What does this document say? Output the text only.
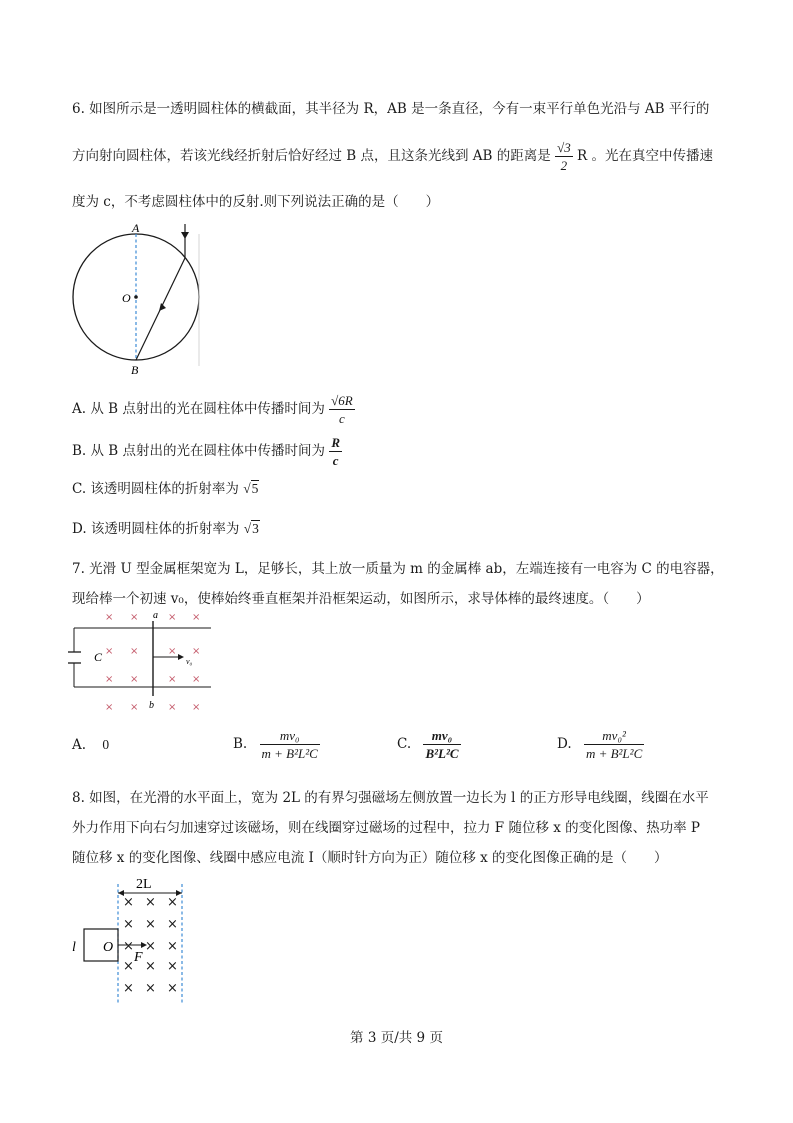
6. 如图所示是一透明圆柱体的横截面，其半径为 R，AB 是一条直径，今有一束平行单色光沿与 AB 平行的
方向射向圆柱体，若该光线经折射后恰好经过 B 点，且这条光线到 AB 的距离是 $\frac{√3}{2}$ R 。光在真空中传播速
度为 c，不考虑圆柱体中的反射.则下列说法正确的是（　　）
A
O
B
A. 从 B 点射出的光在圆柱体中传播时间为 $\frac{√6R}{c}$
B. 从 B 点射出的光在圆柱体中传播时间为 $\frac{R}{c}$
C. 该透明圆柱体的折射率为 √5
D. 该透明圆柱体的折射率为 √3
7. 光滑 U 型金属框架宽为 L，足够长，其上放一质量为 m 的金属棒 ab，左端连接有一电容为 C 的电容器，
现给棒一个初速 v₀，使棒始终垂直框架并沿框架运动，如图所示，求导体棒的最终速度。（　　）
C
a
b
v₀
×
×
×
×
×
×
×
×
×
×
×
×
×
×
×
×
A. 0	B. $\frac{\text{mv₀}}{\text{m + B²L²C}}$	C. $\frac{\text{mv₀}}{\text{B²L²C}}$	D. $\frac{\text{mv₀²}}{\text{m + B²L²C}}$
8. 如图，在光滑的水平面上，宽为 2L 的有界匀强磁场左侧放置一边长为 l 的正方形导电线圈，线圈在水平
外力作用下向右匀加速穿过该磁场，则在线圈穿过磁场的过程中，拉力 F 随位移 x 的变化图像、热功率 P
随位移 x 的变化图像、线圈中感应电流 I（顺时针方向为正）随位移 x 的变化图像正确的是（　　）
2L
l O
F
×
×
×
×
×
×
×
×
×
×
×
×
×
×
×
第 3 页/共 9 页
